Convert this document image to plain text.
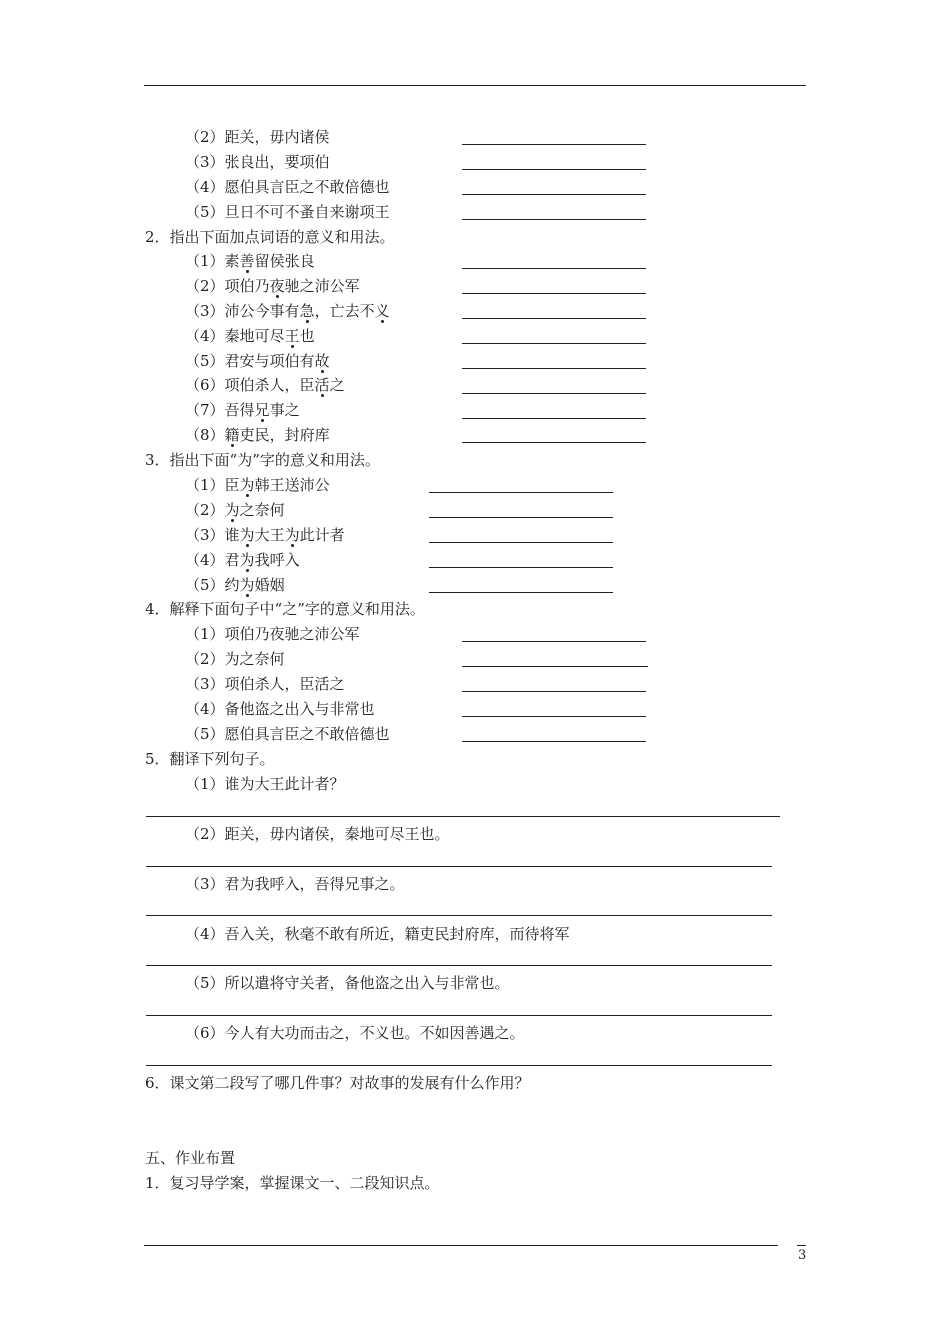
（2）距关，毋内诸侯
（3）张良出，要项伯
（4）愿伯具言臣之不敢倍德也
（5）旦日不可不蚤自来谢项王
2．指出下面加点词语的意义和用法。
（1）素善留侯张良
（2）项伯乃夜驰之沛公军
（3）沛公今事有急，亡去不义
（4）秦地可尽王也
（5）君安与项伯有故
（6）项伯杀人，臣活之
（7）吾得兄事之
（8）籍吏民，封府库
3．指出下面“为”字的意义和用法。
（1）臣为韩王送沛公
（2）为之奈何
（3）谁为大王为此计者
（4）君为我呼入
（5）约为婚姻
4．解释下面句子中“之”字的意义和用法。
（1）项伯乃夜驰之沛公军
（2）为之奈何
（3）项伯杀人，臣活之
（4）备他盗之出入与非常也
（5）愿伯具言臣之不敢倍德也
5．翻译下列句子。
（1）谁为大王此计者？
（2）距关，毋内诸侯，秦地可尽王也。
（3）君为我呼入，吾得兄事之。
（4）吾入关，秋毫不敢有所近，籍吏民封府库，而待将军
（5）所以遣将守关者，备他盗之出入与非常也。
（6）今人有大功而击之，不义也。不如因善遇之。
6．课文第二段写了哪几件事？对故事的发展有什么作用？
五、作业布置
1．复习导学案，掌握课文一、二段知识点。
3
